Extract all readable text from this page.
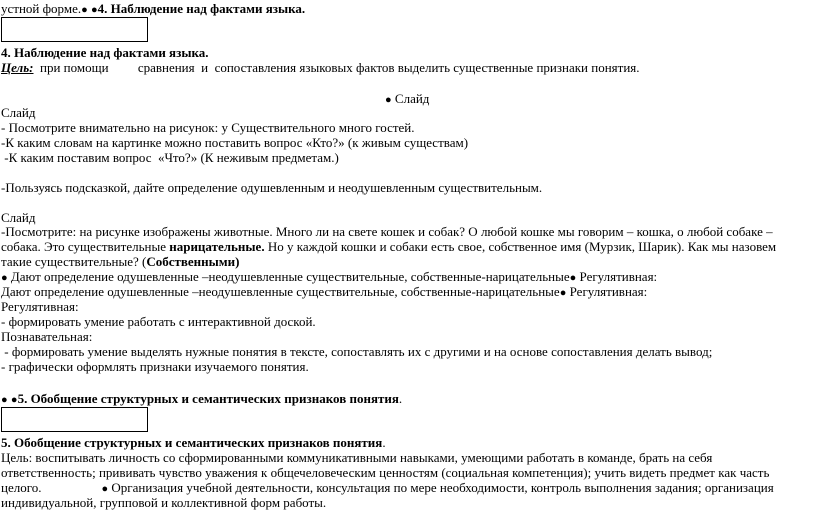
устной форме.● ●4. Наблюдение над фактами языка.
4. Наблюдение над фактами языка.
Цель:  при помощи         сравнения  и  сопоставления языковых фактов выделить существенные признаки понятия.
● Слайд
Слайд
- Посмотрите внимательно на рисунок: у Существительного много гостей.
-К каким словам на картинке можно поставить вопрос «Кто?» (к живым существам)
-К каким поставим вопрос  «Что?» (К неживым предметам.)
-Пользуясь подсказкой, дайте определение одушевленным и неодушевленным существительным.
Слайд
-Посмотрите: на рисунке изображены животные. Много ли на свете кошек и собак? О любой кошке мы говорим – кошка, о любой собаке –
собака. Это существительные нарицательные. Но у каждой кошки и собаки есть свое, собственное имя (Мурзик, Шарик). Как мы назовем
такие существительные? (Собственными)
● Дают определение одушевленные –неодушевленные существительные, собственные-нарицательные● Регулятивная:
Дают определение одушевленные –неодушевленные существительные, собственные-нарицательные● Регулятивная:
Регулятивная:
- формировать умение работать с интерактивной доской.
Познавательная:
- формировать умение выделять нужные понятия в тексте, сопоставлять их с другими и на основе сопоставления делать вывод;
- графически оформлять признаки изучаемого понятия.
● ●5. Обобщение структурных и семантических признаков понятия.
5. Обобщение структурных и семантических признаков понятия.
Цель: воспитывать личность со сформированными коммуникативными навыками, умеющими работать в команде, брать на себя
ответственность; прививать чувство уважения к общечеловеческим ценностям (социальная компетенция); учить видеть предмет как часть
целого.	● Организация учебной деятельности, консультация по мере необходимости, контроль выполнения задания; организация
индивидуальной, групповой и коллективной форм работы.
